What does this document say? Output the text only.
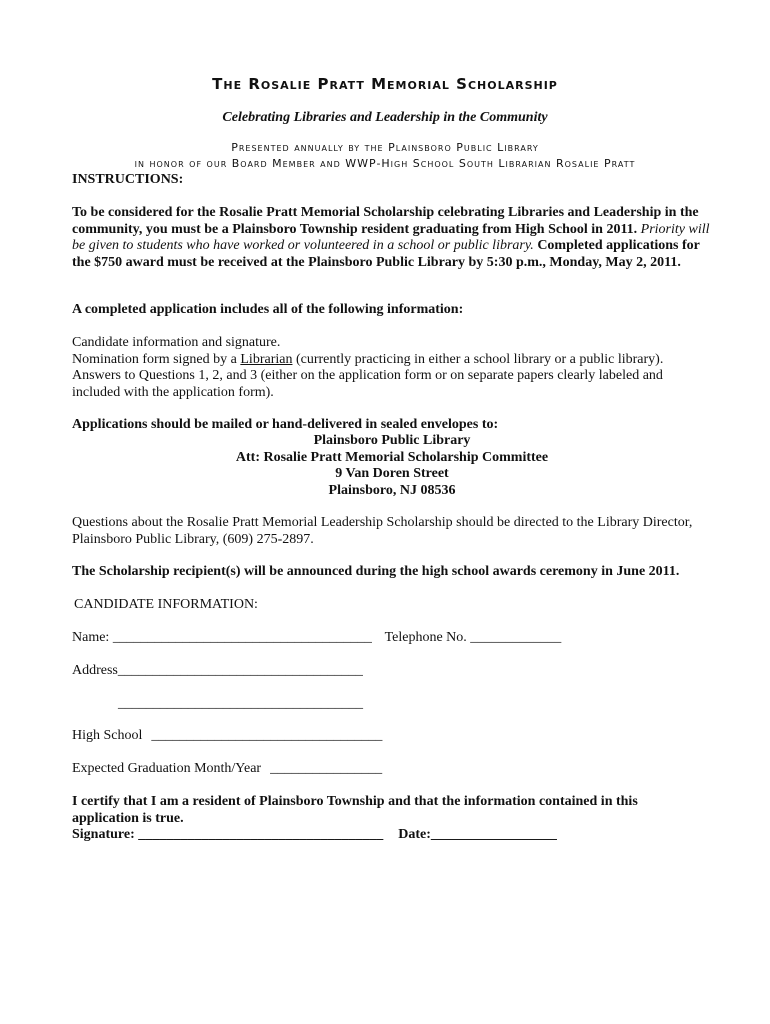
The Rosalie Pratt Memorial Scholarship
Celebrating Libraries and Leadership in the Community
Presented annually by the Plainsboro Public Library
in honor of our Board Member and WWP-High School South Librarian Rosalie Pratt
INSTRUCTIONS:
To be considered for the Rosalie Pratt Memorial Scholarship celebrating Libraries and Leadership in the community, you must be a Plainsboro Township resident graduating from High School in 2011. Priority will be given to students who have worked or volunteered in a school or public library. Completed applications for the $750 award must be received at the Plainsboro Public Library by 5:30 p.m., Monday, May 2, 2011.
A completed application includes all of the following information:
Candidate information and signature.
Nomination form signed by a Librarian (currently practicing in either a school library or a public library).
Answers to Questions 1, 2, and 3 (either on the application form or on separate papers clearly labeled and included with the application form).
Applications should be mailed or hand-delivered in sealed envelopes to:
Plainsboro Public Library
Att: Rosalie Pratt Memorial Scholarship Committee
9 Van Doren Street
Plainsboro, NJ 08536
Questions about the Rosalie Pratt Memorial Leadership Scholarship should be directed to the Library Director, Plainsboro Public Library, (609) 275-2897.
The Scholarship recipient(s) will be announced during the high school awards ceremony in June 2011.
CANDIDATE INFORMATION:
Name: _____________________________________ Telephone No. _____________
Address___________________________________
___________________________________
High School _________________________________
Expected Graduation Month/Year ________________
I certify that I am a resident of Plainsboro Township and that the information contained in this application is true.
Signature: ___________________________________ Date:__________________
